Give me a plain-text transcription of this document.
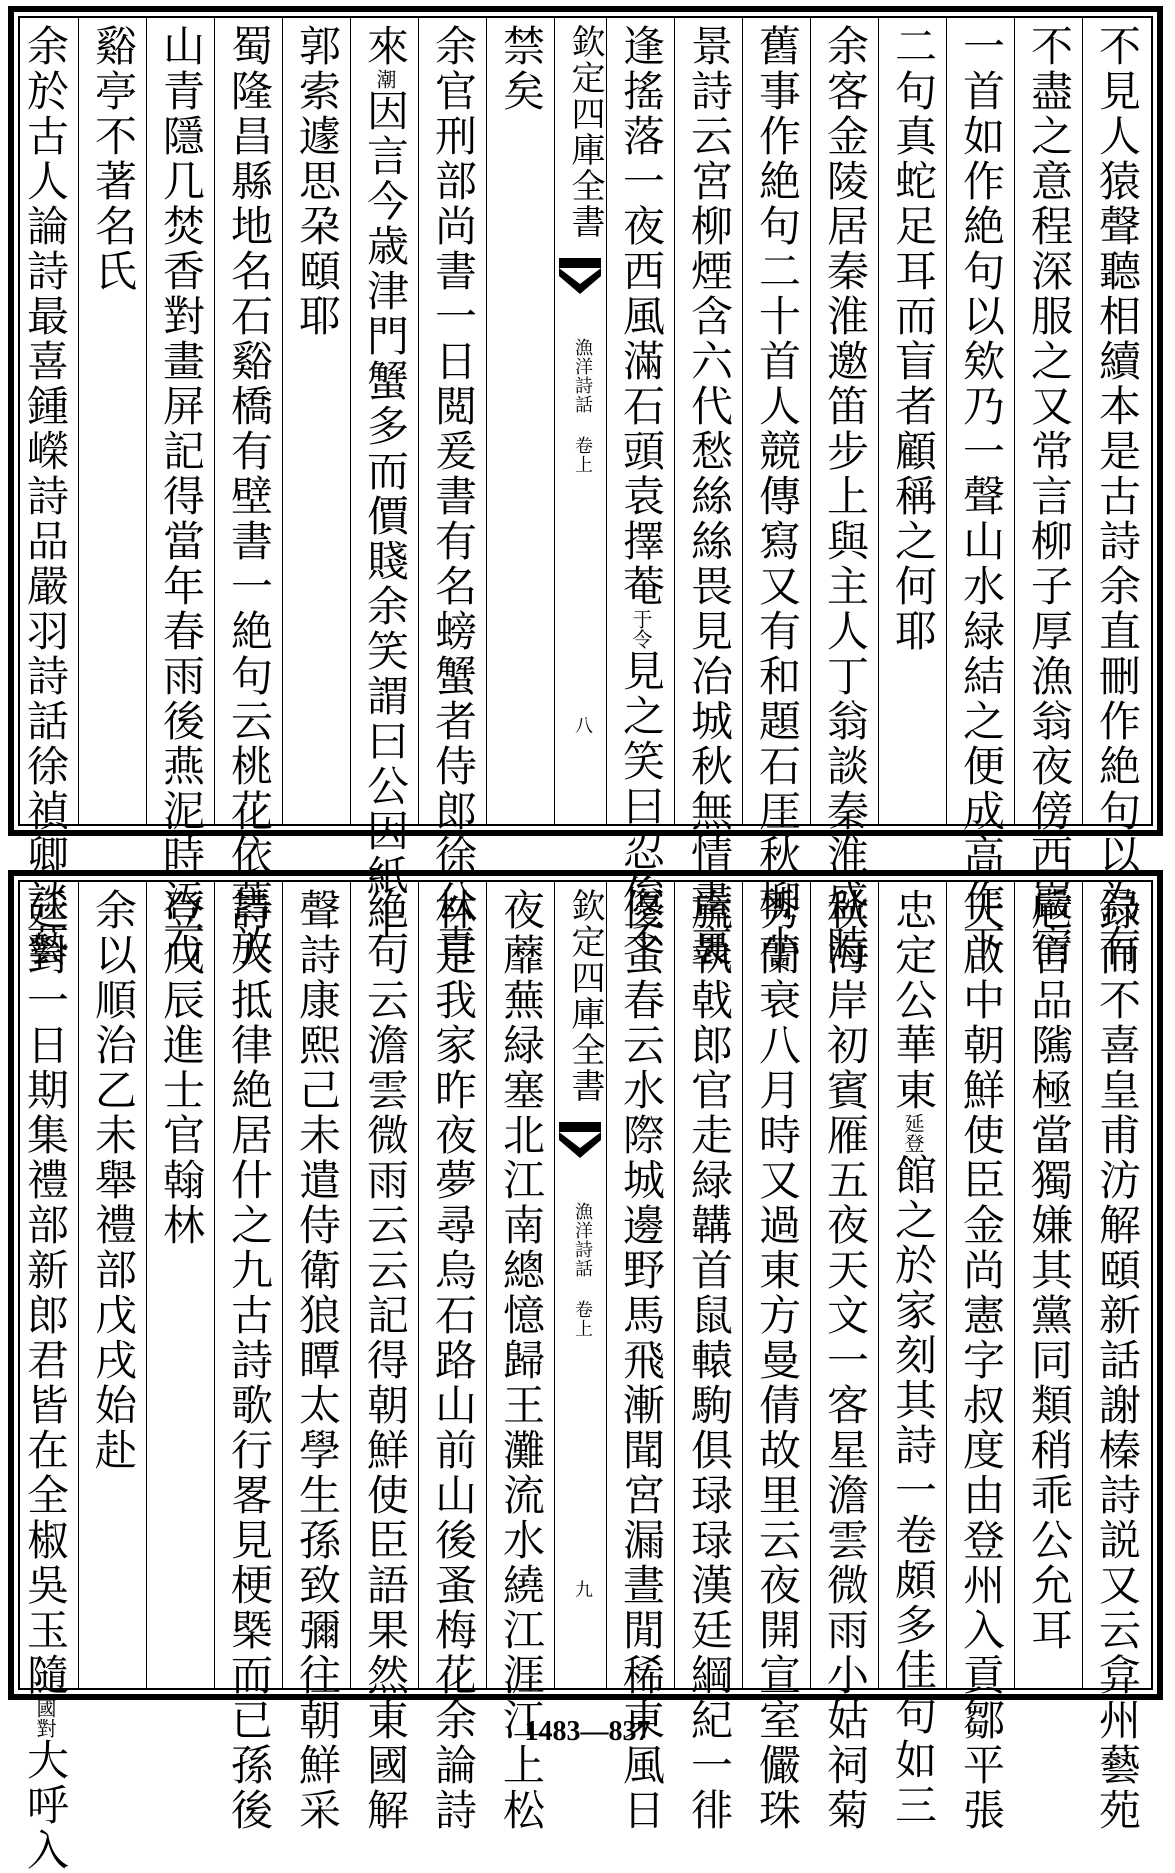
不見人猿聲聽相續本是古詩余直刪作絶句以為有
不盡之意程深服之又常言柳子厚漁翁夜傍西巖宿
一首如作絶句以欸乃一聲山水緑結之便成高作下
二句真蛇足耳而盲者顧稱之何耶
余客金陵居秦淮邀笛步上與主人丁翁談秦淮盛時
舊事作絶句二十首人競傳寫又有和題石厓秋柳小
景詩云宮柳煙含六代愁絲絲畏見冶城秋無情畫裏
逢搖落一夜西風滿石頭袁擇菴于令見之笑曰忍俊不
欽定四庫全書
漁洋詩話 卷上
八
禁矣
余官刑部尚書一日閲爰書有名螃蟹者侍郎徐公青
來潮因言今歳津門蟹多而價賤余笑謂曰公因紙上
郭索遽思朶頤耶
蜀隆昌縣地名石谿橋有壁書一絶句云桃花依舊放
山青隱几焚香對畫屏記得當年春雨後燕泥時汚石
谿亭不著名氏
余於古人論詩最喜鍾嶸詩品嚴羽詩話徐禎卿談藝
録而不喜皇甫汸解頤新話謝榛詩説又云弇州藝苑
巵言品隲極當獨嫌其黨同類稍乖公允耳
天啟中朝鮮使臣金尚憲字叔度由登州入貢鄒平張
忠定公華東延登館之於家刻其詩一卷頗多佳句如三
秋海岸初賓雁五夜天文一客星澹雲微雨小姑祠菊
秀蘭衰八月時又過東方曼倩故里云夜開宣室儼珠
旒執戟郎官走緑韝首鼠轅駒俱琭琭漢廷綱紀一徘
優蚤春云水際城邊野馬飛漸聞宮漏晝閒稀東風日
欽定四庫全書
漁洋詩話 卷上
九
夜蘼蕪緑塞北江南總憶歸王灘流水繞江涯江上松
林是我家昨夜夢尋烏石路山前山後蚤梅花余論詩
絶句云澹雲微雨云云記得朝鮮使臣語果然東國解
聲詩康熙己未遣侍衛狼瞫太學生孫致彌往朝鮮采
詩大抵律絶居什之九古詩歌行畧見梗槩而已孫後
登戊辰進士官翰林
余以順治乙未舉禮部戊戌始赴
廷對一日期集禮部新郎君皆在全椒吳玉隨國對大呼入
1483—837
